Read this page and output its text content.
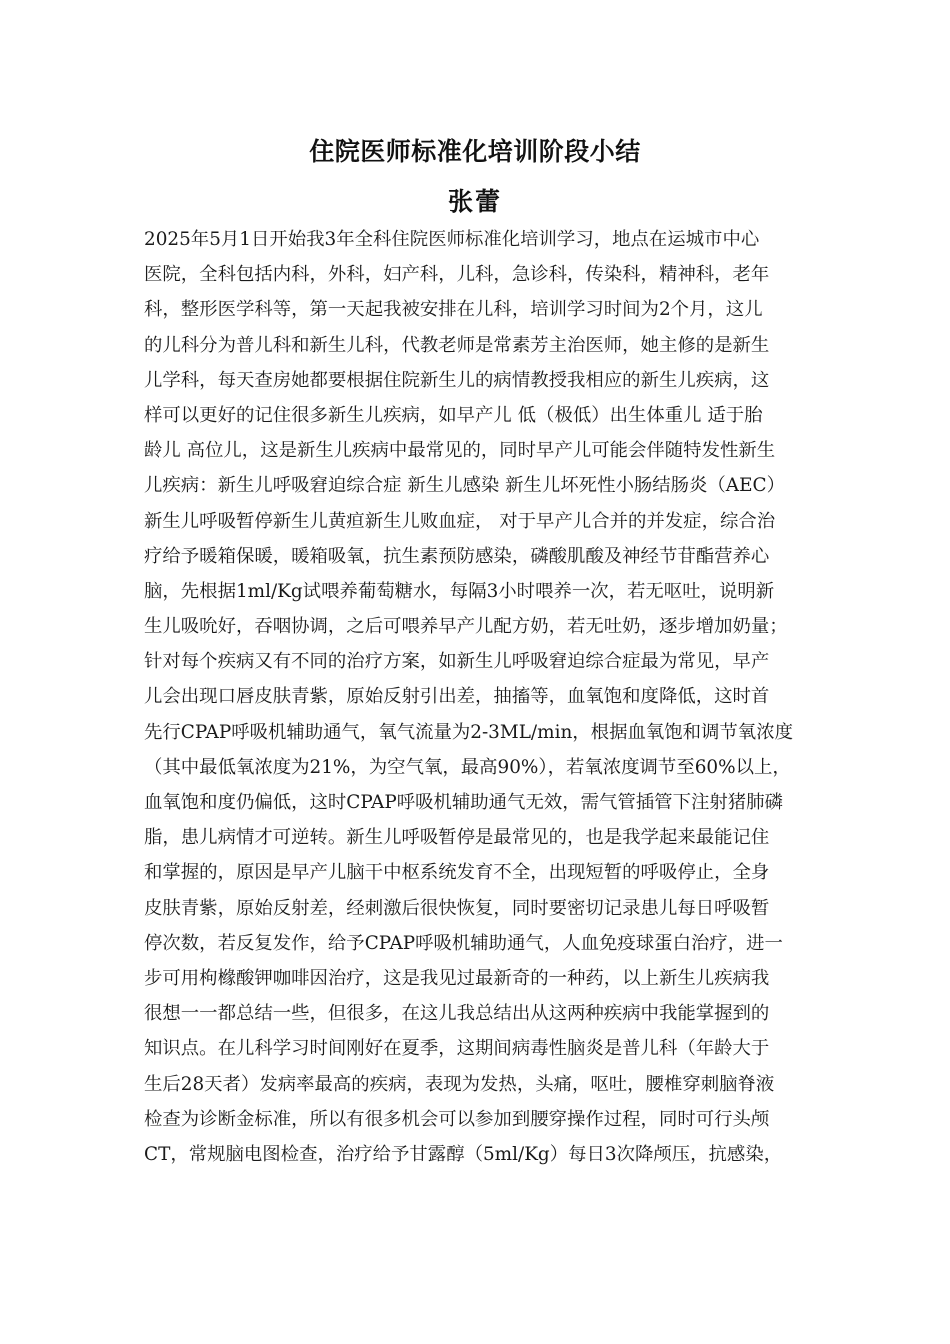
住院医师标准化培训阶段小结
张蕾
2025年5月1日开始我3年全科住院医师标准化培训学习，地点在运城市中心
医院，全科包括内科，外科，妇产科，儿科，急诊科，传染科，精神科，老年
科，整形医学科等，第一天起我被安排在儿科，培训学习时间为2个月，这儿
的儿科分为普儿科和新生儿科，代教老师是常素芳主治医师，她主修的是新生
儿学科，每天查房她都要根据住院新生儿的病情教授我相应的新生儿疾病，这
样可以更好的记住很多新生儿疾病，如早产儿 低（极低）出生体重儿 适于胎
龄儿 高位儿，这是新生儿疾病中最常见的，同时早产儿可能会伴随特发性新生
儿疾病：新生儿呼吸窘迫综合症 新生儿感染 新生儿坏死性小肠结肠炎（AEC）
新生儿呼吸暂停新生儿黄疸新生儿败血症， 对于早产儿合并的并发症，综合治
疗给予暖箱保暖，暖箱吸氧，抗生素预防感染，磷酸肌酸及神经节苷酯营养心
脑，先根据1ml/Kg试喂养葡萄糖水，每隔3小时喂养一次，若无呕吐，说明新
生儿吸吮好，吞咽协调，之后可喂养早产儿配方奶，若无吐奶，逐步增加奶量；
针对每个疾病又有不同的治疗方案，如新生儿呼吸窘迫综合症最为常见，早产
儿会出现口唇皮肤青紫，原始反射引出差，抽搐等，血氧饱和度降低，这时首
先行CPAP呼吸机辅助通气，氧气流量为2-3ML/min，根据血氧饱和调节氧浓度
（其中最低氧浓度为21%，为空气氧，最高90%），若氧浓度调节至60%以上，
血氧饱和度仍偏低，这时CPAP呼吸机辅助通气无效，需气管插管下注射猪肺磷
脂，患儿病情才可逆转。新生儿呼吸暂停是最常见的，也是我学起来最能记住
和掌握的，原因是早产儿脑干中枢系统发育不全，出现短暂的呼吸停止，全身
皮肤青紫，原始反射差，经刺激后很快恢复，同时要密切记录患儿每日呼吸暂
停次数，若反复发作，给予CPAP呼吸机辅助通气，人血免疫球蛋白治疗，进一
步可用枸橼酸钾咖啡因治疗，这是我见过最新奇的一种药，以上新生儿疾病我
很想一一都总结一些，但很多，在这儿我总结出从这两种疾病中我能掌握到的
知识点。在儿科学习时间刚好在夏季，这期间病毒性脑炎是普儿科（年龄大于
生后28天者）发病率最高的疾病，表现为发热，头痛，呕吐，腰椎穿刺脑脊液
检查为诊断金标准，所以有很多机会可以参加到腰穿操作过程，同时可行头颅
CT，常规脑电图检查，治疗给予甘露醇（5ml/Kg）每日3次降颅压，抗感染，
